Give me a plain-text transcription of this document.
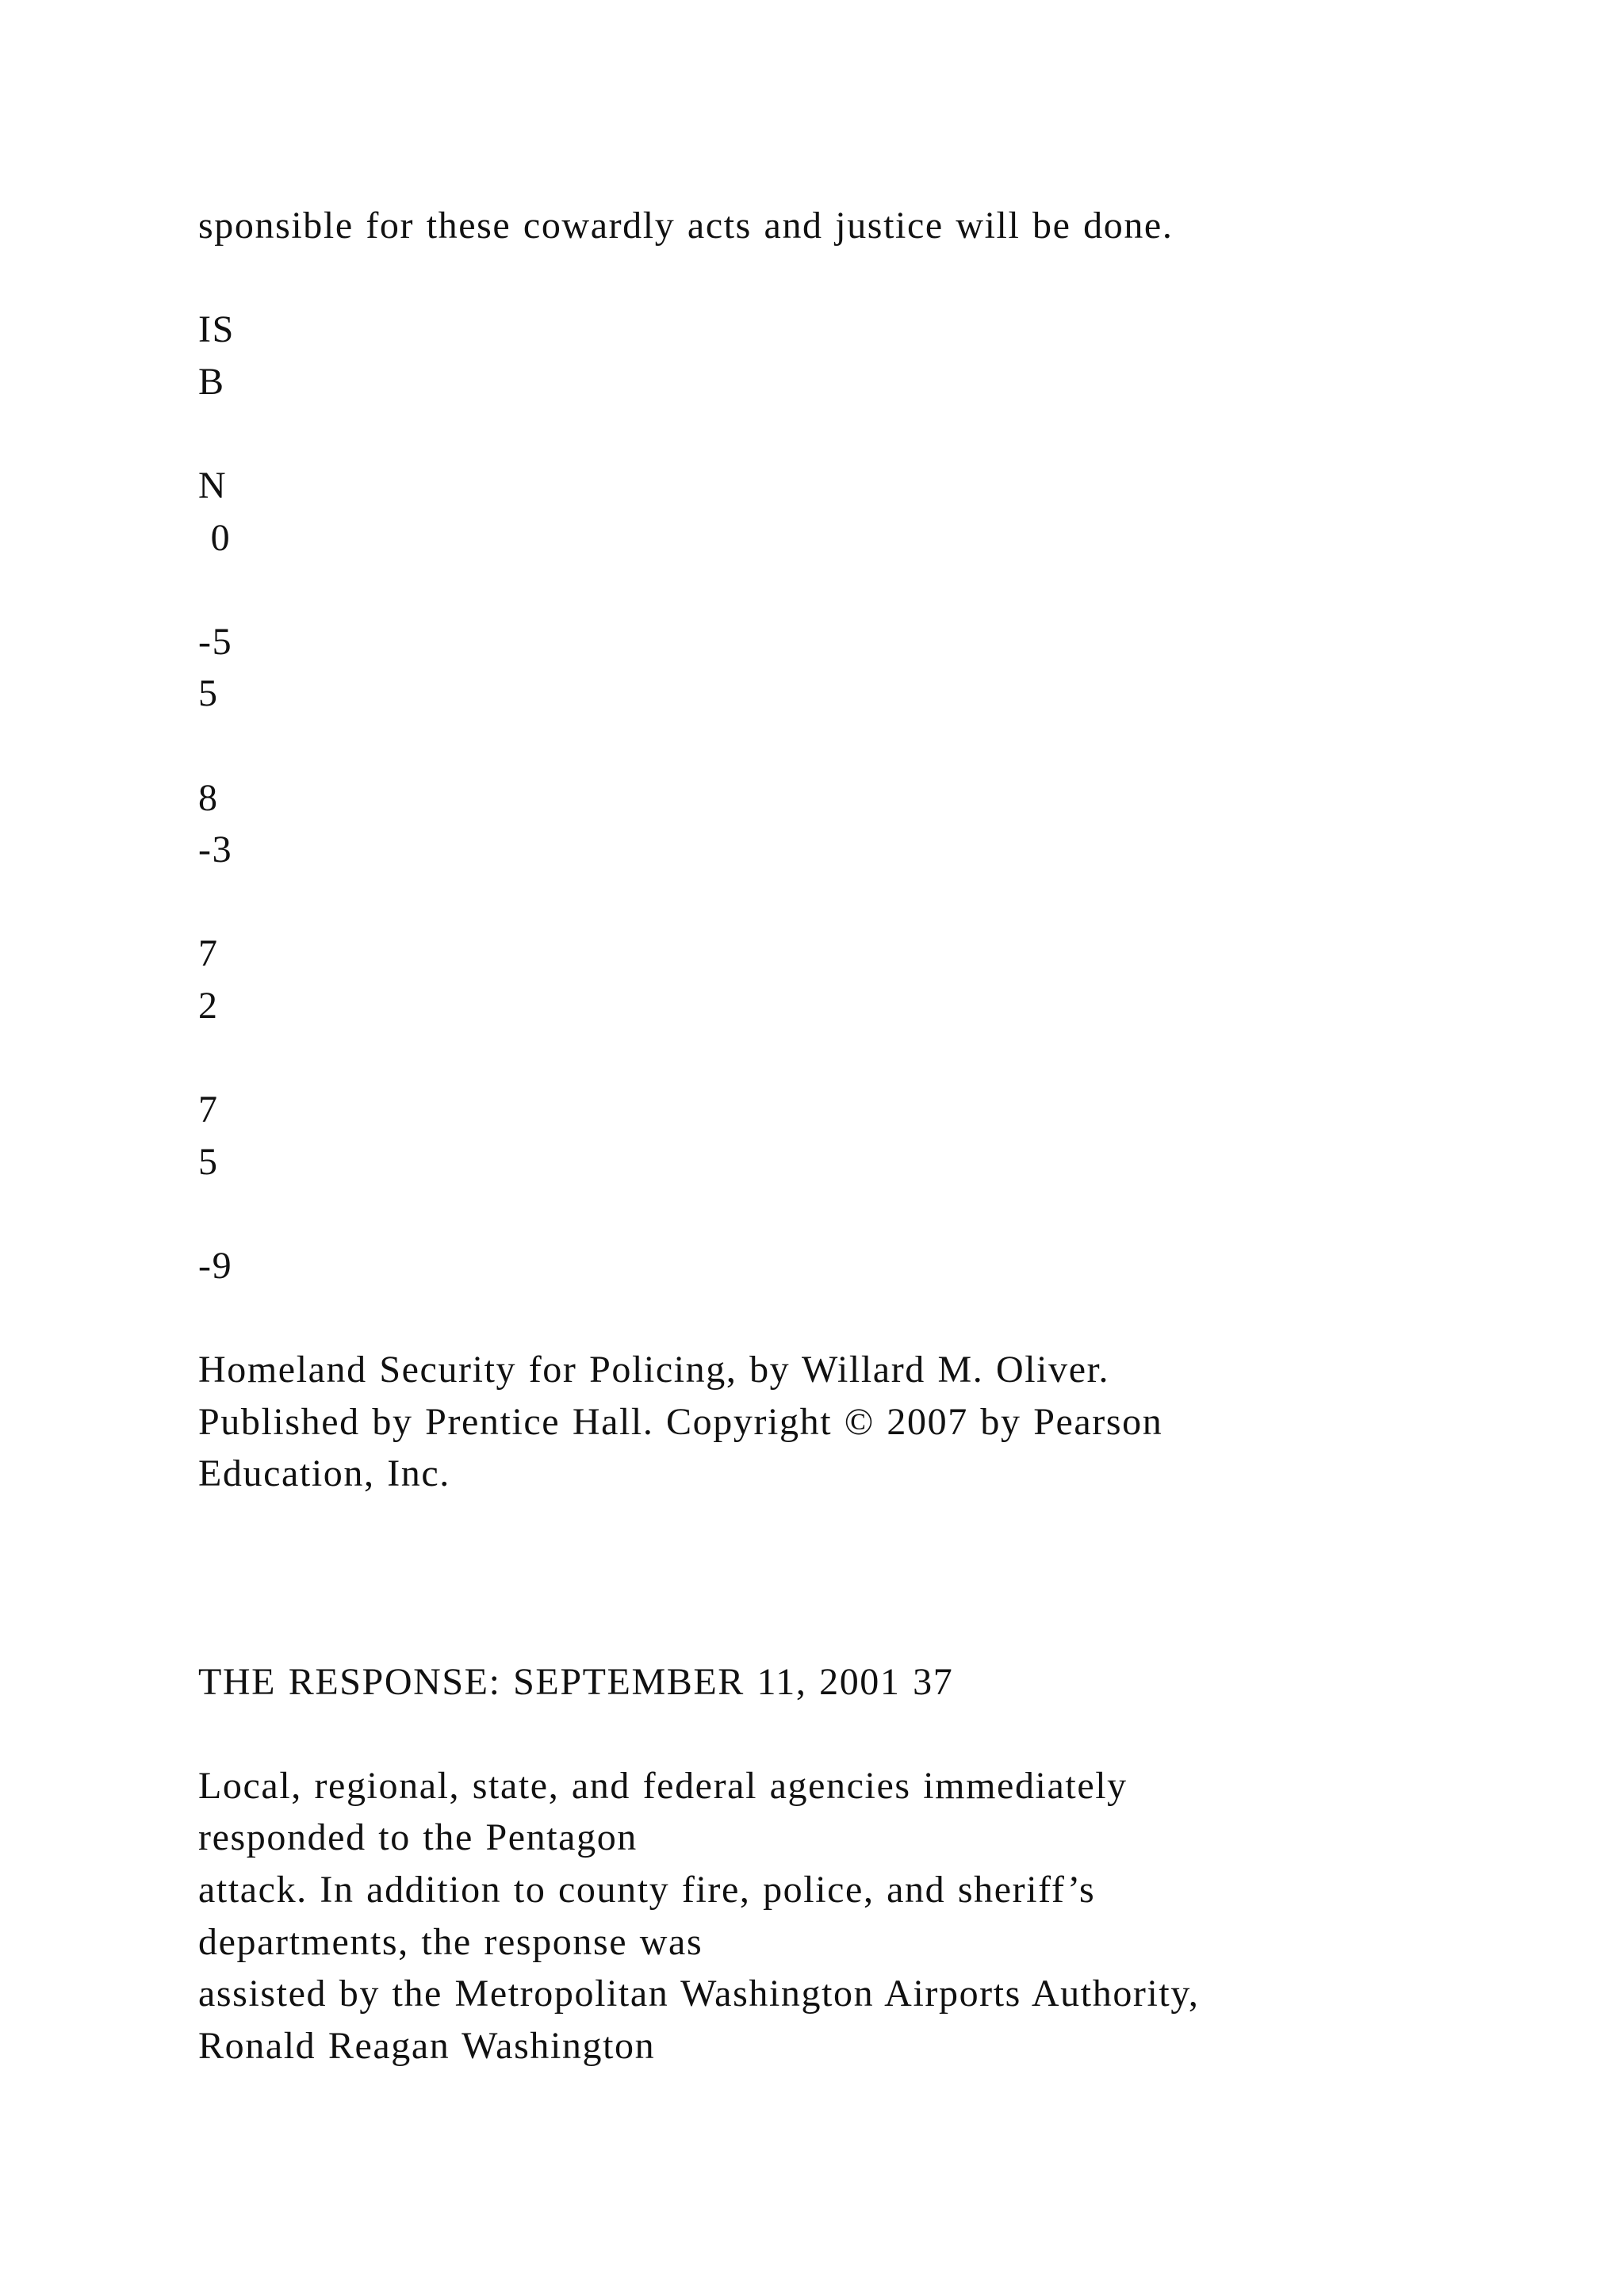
sponsible for these cowardly acts and justice will be done.
IS
B
N
0
-5
5
8
-3
7
2
7
5
-9
Homeland Security for Policing, by Willard M. Oliver.
Published by Prentice Hall. Copyright © 2007 by Pearson
Education, Inc.
THE RESPONSE: SEPTEMBER 11, 2001 37
Local, regional, state, and federal agencies immediately
responded to the Pentagon
attack. In addition to county fire, police, and sheriff’s
departments, the response was
assisted by the Metropolitan Washington Airports Authority,
Ronald Reagan Washington
